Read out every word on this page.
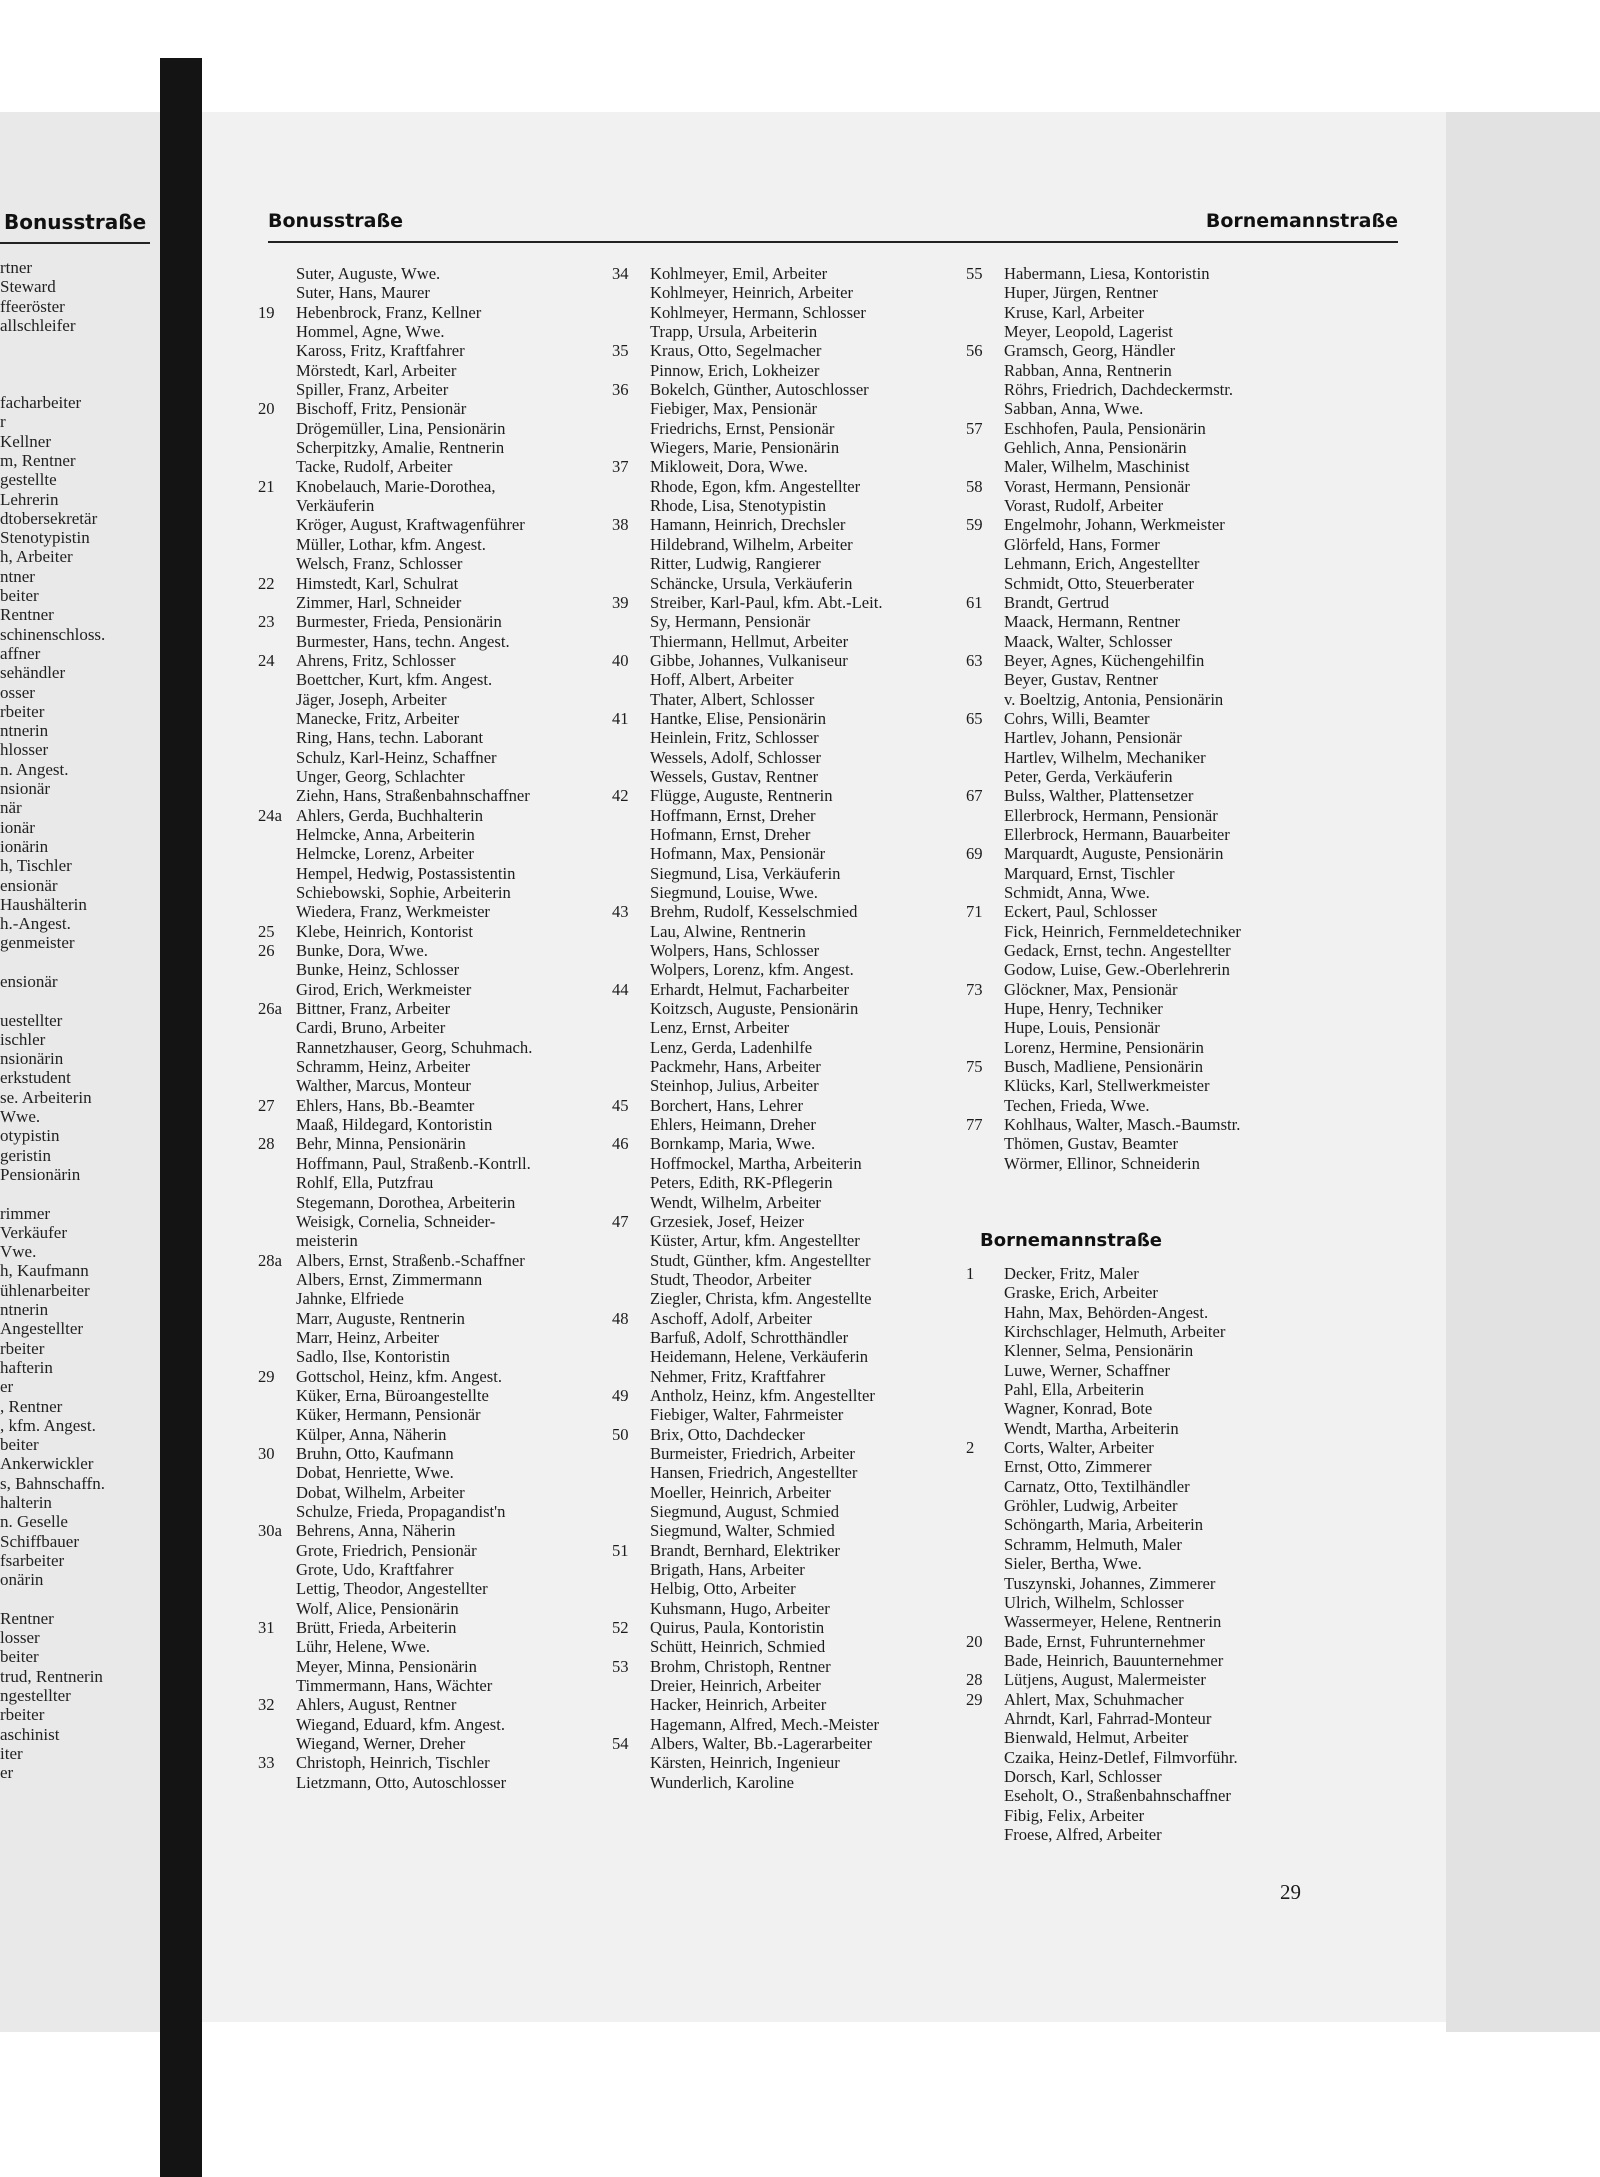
Bonusstraße
rtner
Steward
ffeeröster
allschleifer

facharbeiter
r
Kellner
m, Rentner
gestellte
Lehrerin
dtobersekretär
Stenotypistin
h, Arbeiter
ntner
beiter
Rentner
schinenschloss.
affner
sehändler
osser
rbeiter
ntnerin
hlosser
n. Angest.
nsionär
när
ionär
ionärin
h, Tischler
ensionär
Haushälterin
h.-Angest.
genmeister

ensionär

uestellter
ischler
nsionärin
erkstudent
se. Arbeiterin
Wwe.
otypistin
geristin
Pensionärin

rimmer
Verkäufer
Vwe.
h, Kaufmann
ühlenarbeiter
ntnerin
Angestellter
rbeiter
hafterin
er
, Rentner
, kfm. Angest.
beiter
Ankerwickler
s, Bahnschaffn.
halterin
n. Geselle
Schiffbauer
fsarbeiter
onärin

Rentner
losser
beiter
trud, Rentnerin
ngestellter
rbeiter
aschinist
iter
er
Bonusstraße	Bornemannstraße
Suter, Auguste, Wwe.
Suter, Hans, Maurer
19	Hebenbrock, Franz, Kellner
Hommel, Agne, Wwe.
Kaross, Fritz, Kraftfahrer
Mörstedt, Karl, Arbeiter
Spiller, Franz, Arbeiter
20	Bischoff, Fritz, Pensionär
Drögemüller, Lina, Pensionärin
Scherpitzky, Amalie, Rentnerin
Tacke, Rudolf, Arbeiter
21	Knobelauch, Marie-Dorothea,
Verkäuferin
Kröger, August, Kraftwagenführer
Müller, Lothar, kfm. Angest.
Welsch, Franz, Schlosser
22	Himstedt, Karl, Schulrat
Zimmer, Harl, Schneider
23	Burmester, Frieda, Pensionärin
Burmester, Hans, techn. Angest.
24	Ahrens, Fritz, Schlosser
Boettcher, Kurt, kfm. Angest.
Jäger, Joseph, Arbeiter
Manecke, Fritz, Arbeiter
Ring, Hans, techn. Laborant
Schulz, Karl-Heinz, Schaffner
Unger, Georg, Schlachter
Ziehn, Hans, Straßenbahnschaffner
24a Ahlers, Gerda, Buchhalterin
Helmcke, Anna, Arbeiterin
Helmcke, Lorenz, Arbeiter
Hempel, Hedwig, Postassistentin
Schiebowski, Sophie, Arbeiterin
Wiedera, Franz, Werkmeister
25	Klebe, Heinrich, Kontorist
26	Bunke, Dora, Wwe.
Bunke, Heinz, Schlosser
Girod, Erich, Werkmeister
26a Bittner, Franz, Arbeiter
Cardi, Bruno, Arbeiter
Rannetzhauser, Georg, Schuhmach.
Schramm, Heinz, Arbeiter
Walther, Marcus, Monteur
27	Ehlers, Hans, Bb.-Beamter
Maaß, Hildegard, Kontoristin
28	Behr, Minna, Pensionärin
Hoffmann, Paul, Straßenb.-Kontrll.
Rohlf, Ella, Putzfrau
Stegemann, Dorothea, Arbeiterin
Weisigk, Cornelia, Schneider-
meisterin
28a Albers, Ernst, Straßenb.-Schaffner
Albers, Ernst, Zimmermann
Jahnke, Elfriede
Marr, Auguste, Rentnerin
Marr, Heinz, Arbeiter
Sadlo, Ilse, Kontoristin
29	Gottschol, Heinz, kfm. Angest.
Küker, Erna, Büroangestellte
Küker, Hermann, Pensionär
Külper, Anna, Näherin
30	Bruhn, Otto, Kaufmann
Dobat, Henriette, Wwe.
Dobat, Wilhelm, Arbeiter
Schulze, Frieda, Propagandist'n
30a Behrens, Anna, Näherin
Grote, Friedrich, Pensionär
Grote, Udo, Kraftfahrer
Lettig, Theodor, Angestellter
Wolf, Alice, Pensionärin
31	Brütt, Frieda, Arbeiterin
Lühr, Helene, Wwe.
Meyer, Minna, Pensionärin
Timmermann, Hans, Wächter
32	Ahlers, August, Rentner
Wiegand, Eduard, kfm. Angest.
Wiegand, Werner, Dreher
33	Christoph, Heinrich, Tischler
Lietzmann, Otto, Autoschlosser
34	Kohlmeyer, Emil, Arbeiter
Kohlmeyer, Heinrich, Arbeiter
Kohlmeyer, Hermann, Schlosser
Trapp, Ursula, Arbeiterin
35	Kraus, Otto, Segelmacher
Pinnow, Erich, Lokheizer
36	Bokelch, Günther, Autoschlosser
Fiebiger, Max, Pensionär
Friedrichs, Ernst, Pensionär
Wiegers, Marie, Pensionärin
37	Mikloweit, Dora, Wwe.
Rhode, Egon, kfm. Angestellter
Rhode, Lisa, Stenotypistin
38	Hamann, Heinrich, Drechsler
Hildebrand, Wilhelm, Arbeiter
Ritter, Ludwig, Rangierer
Schäncke, Ursula, Verkäuferin
39	Streiber, Karl-Paul, kfm. Abt.-Leit.
Sy, Hermann, Pensionär
Thiermann, Hellmut, Arbeiter
40	Gibbe, Johannes, Vulkaniseur
Hoff, Albert, Arbeiter
Thater, Albert, Schlosser
41	Hantke, Elise, Pensionärin
Heinlein, Fritz, Schlosser
Wessels, Adolf, Schlosser
Wessels, Gustav, Rentner
42	Flügge, Auguste, Rentnerin
Hoffmann, Ernst, Dreher
Hofmann, Ernst, Dreher
Hofmann, Max, Pensionär
Siegmund, Lisa, Verkäuferin
Siegmund, Louise, Wwe.
43	Brehm, Rudolf, Kesselschmied
Lau, Alwine, Rentnerin
Wolpers, Hans, Schlosser
Wolpers, Lorenz, kfm. Angest.
44	Erhardt, Helmut, Facharbeiter
Koitzsch, Auguste, Pensionärin
Lenz, Ernst, Arbeiter
Lenz, Gerda, Ladenhilfe
Packmehr, Hans, Arbeiter
Steinhop, Julius, Arbeiter
45	Borchert, Hans, Lehrer
Ehlers, Heimann, Dreher
46	Bornkamp, Maria, Wwe.
Hoffmockel, Martha, Arbeiterin
Peters, Edith, RK-Pflegerin
Wendt, Wilhelm, Arbeiter
47	Grzesiek, Josef, Heizer
Küster, Artur, kfm. Angestellter
Studt, Günther, kfm. Angestellter
Studt, Theodor, Arbeiter
Ziegler, Christa, kfm. Angestellte
48	Aschoff, Adolf, Arbeiter
Barfuß, Adolf, Schrotthändler
Heidemann, Helene, Verkäuferin
Nehmer, Fritz, Kraftfahrer
49	Antholz, Heinz, kfm. Angestellter
Fiebiger, Walter, Fahrmeister
50	Brix, Otto, Dachdecker
Burmeister, Friedrich, Arbeiter
Hansen, Friedrich, Angestellter
Moeller, Heinrich, Arbeiter
Siegmund, August, Schmied
Siegmund, Walter, Schmied
51	Brandt, Bernhard, Elektriker
Brigath, Hans, Arbeiter
Helbig, Otto, Arbeiter
Kuhsmann, Hugo, Arbeiter
52	Quirus, Paula, Kontoristin
Schütt, Heinrich, Schmied
53	Brohm, Christoph, Rentner
Dreier, Heinrich, Arbeiter
Hacker, Heinrich, Arbeiter
Hagemann, Alfred, Mech.-Meister
54	Albers, Walter, Bb.-Lagerarbeiter
Kärsten, Heinrich, Ingenieur
Wunderlich, Karoline
55	Habermann, Liesa, Kontoristin
Huper, Jürgen, Rentner
Kruse, Karl, Arbeiter
Meyer, Leopold, Lagerist
56	Gramsch, Georg, Händler
Rabban, Anna, Rentnerin
Röhrs, Friedrich, Dachdeckermstr.
Sabban, Anna, Wwe.
57	Eschhofen, Paula, Pensionärin
Gehlich, Anna, Pensionärin
Maler, Wilhelm, Maschinist
58	Vorast, Hermann, Pensionär
Vorast, Rudolf, Arbeiter
59	Engelmohr, Johann, Werkmeister
Glörfeld, Hans, Former
Lehmann, Erich, Angestellter
Schmidt, Otto, Steuerberater
61	Brandt, Gertrud
Maack, Hermann, Rentner
Maack, Walter, Schlosser
63	Beyer, Agnes, Küchengehilfin
Beyer, Gustav, Rentner
v. Boeltzig, Antonia, Pensionärin
65	Cohrs, Willi, Beamter
Hartlev, Johann, Pensionär
Hartlev, Wilhelm, Mechaniker
Peter, Gerda, Verkäuferin
67	Bulss, Walther, Plattensetzer
Ellerbrock, Hermann, Pensionär
Ellerbrock, Hermann, Bauarbeiter
69	Marquardt, Auguste, Pensionärin
Marquard, Ernst, Tischler
Schmidt, Anna, Wwe.
71	Eckert, Paul, Schlosser
Fick, Heinrich, Fernmeldetechniker
Gedack, Ernst, techn. Angestellter
Godow, Luise, Gew.-Oberlehrerin
73	Glöckner, Max, Pensionär
Hupe, Henry, Techniker
Hupe, Louis, Pensionär
Lorenz, Hermine, Pensionärin
75	Busch, Madliene, Pensionärin
Klücks, Karl, Stellwerkmeister
Techen, Frieda, Wwe.
77	Kohlhaus, Walter, Masch.-Baumstr.
Thömen, Gustav, Beamter
Wörmer, Ellinor, Schneiderin
Bornemannstraße
1	Decker, Fritz, Maler
Graske, Erich, Arbeiter
Hahn, Max, Behörden-Angest.
Kirchschlager, Helmuth, Arbeiter
Klenner, Selma, Pensionärin
Luwe, Werner, Schaffner
Pahl, Ella, Arbeiterin
Wagner, Konrad, Bote
Wendt, Martha, Arbeiterin
2	Corts, Walter, Arbeiter
Ernst, Otto, Zimmerer
Carnatz, Otto, Textilhändler
Gröhler, Ludwig, Arbeiter
Schöngarth, Maria, Arbeiterin
Schramm, Helmuth, Maler
Sieler, Bertha, Wwe.
Tuszynski, Johannes, Zimmerer
Ulrich, Wilhelm, Schlosser
Wassermeyer, Helene, Rentnerin
20	Bade, Ernst, Fuhrunternehmer
Bade, Heinrich, Bauunternehmer
28	Lütjens, August, Malermeister
29	Ahlert, Max, Schuhmacher
Ahrndt, Karl, Fahrrad-Monteur
Bienwald, Helmut, Arbeiter
Czaika, Heinz-Detlef, Filmvorführ.
Dorsch, Karl, Schlosser
Eseholt, O., Straßenbahnschaffner
Fibig, Felix, Arbeiter
Froese, Alfred, Arbeiter
29
